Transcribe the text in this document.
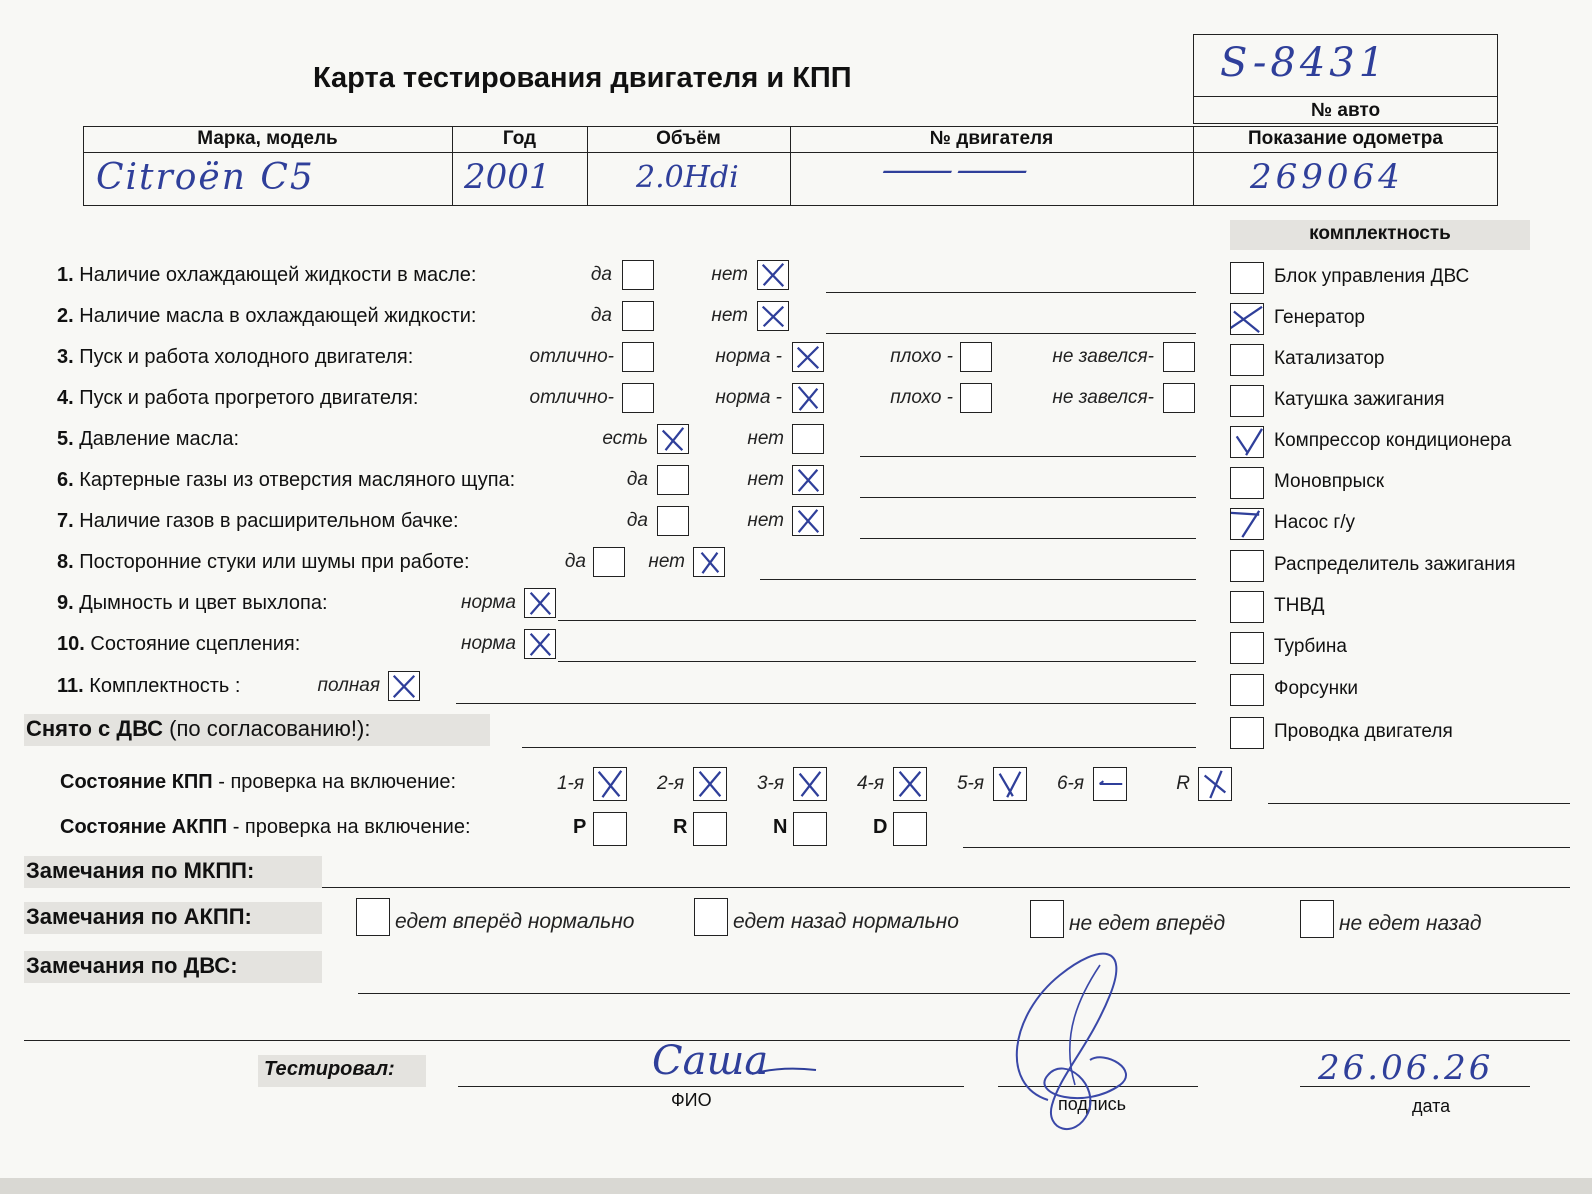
Карта тестирования двигателя и КПП	S-8431
№ авто
Марка, модель	Год	Объём	№ двигателя	Показание одометра
Citroën C5	2001	2.0Hdi	——	269064
комплектность
1. Наличие охлаждающей жидкости в масле:	да	нет
2. Наличие масла в охлаждающей жидкости:	да	нет
3. Пуск и работа холодного двигателя:	отлично-	норма -	плохо -	не завелся-
4. Пуск и работа прогретого двигателя:	отлично-	норма -	плохо -	не завелся-
5. Давление масла:	есть	нет
6. Картерные газы из отверстия масляного щупа:	да	нет
7. Наличие газов в расширительном бачке:	да	нет
8. Посторонние стуки или шумы при работе:	да	нет
9. Дымность и цвет выхлопа:	норма
10. Состояние сцепления:	норма
11. Комплектность :	полная
Блок управления ДВС
Генератор
Катализатор
Катушка зажигания
Компрессор кондиционера
Моновпрыск
Насос г/у
Распределитель зажигания
ТНВД
Турбина
Форсунки
Проводка двигателя
Снято с ДВС (по согласованию!):
Состояние КПП - проверка на включение:	1-я	2-я	3-я	4-я	5-я	6-я	R
Состояние АКПП - проверка на включение:	P	R	N	D
Замечания по МКПП:
Замечания по АКПП:	едет вперёд нормально	едет назад нормально	не едет вперёд	не едет назад
Замечания по ДВС:
Тестировал:	Саша
ФИО	подпись
26.06.26
дата
